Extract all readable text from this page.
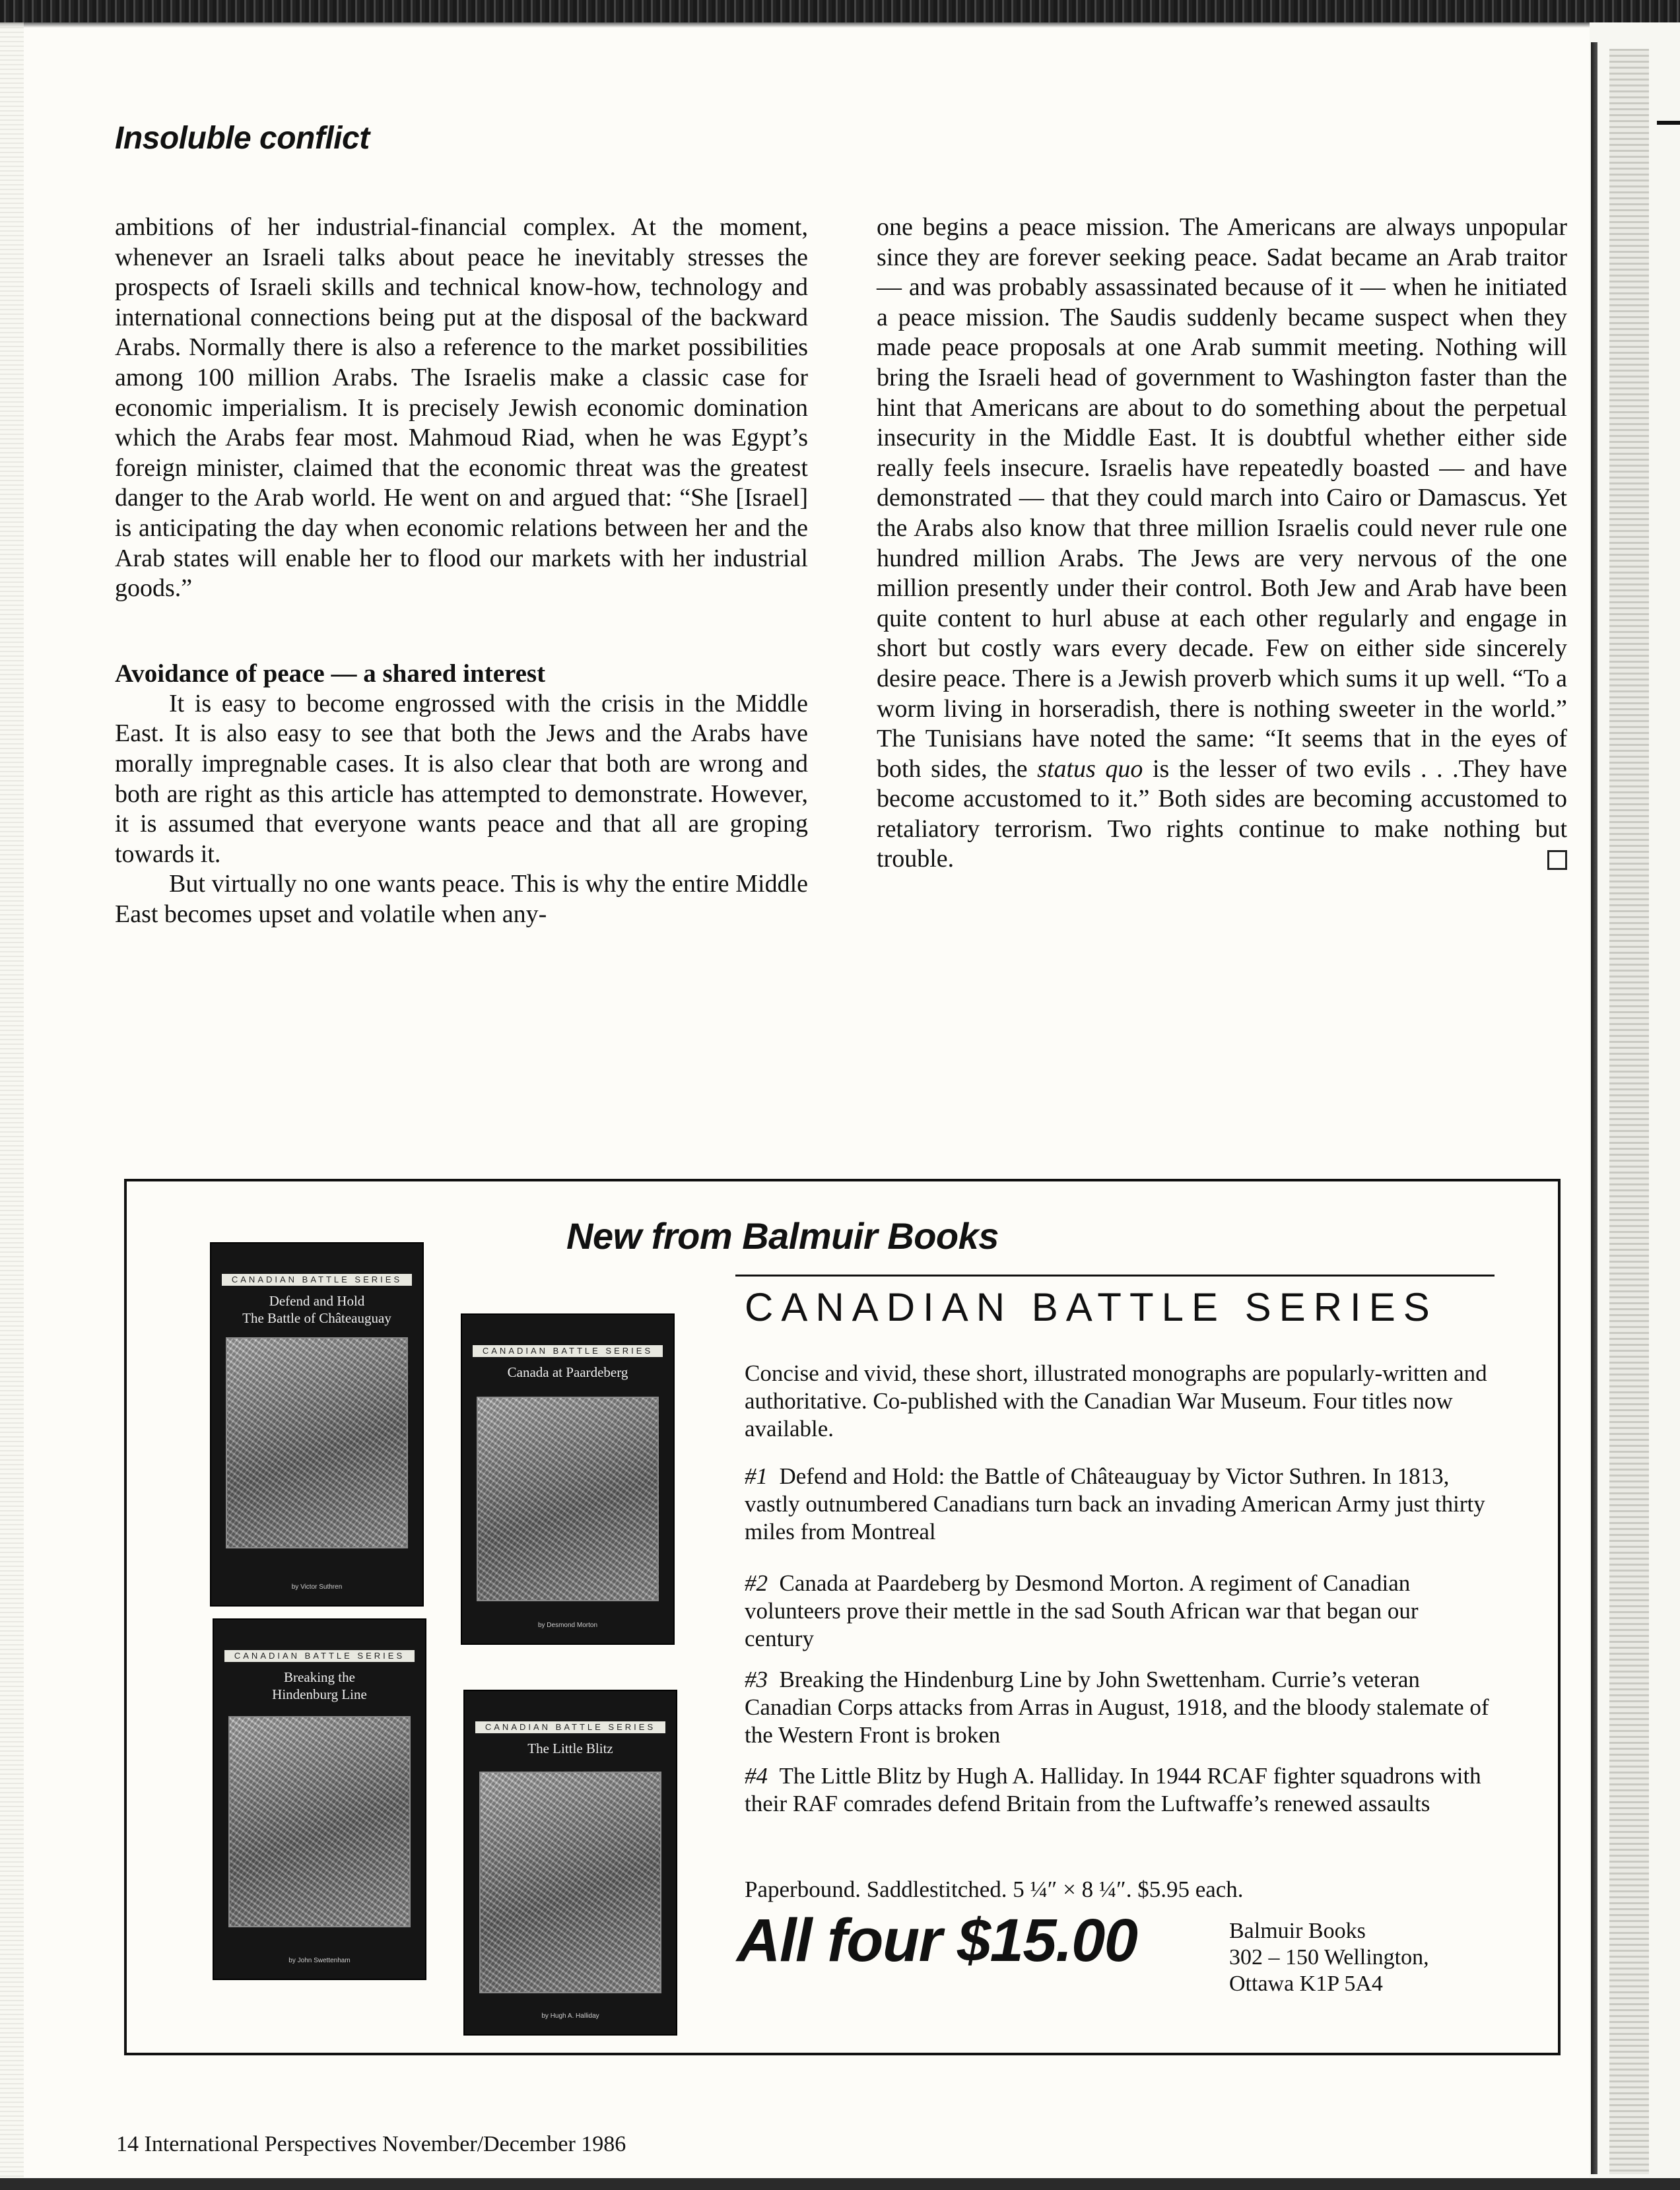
Insoluble conflict

ambitions of her industrial-financial complex. At the moment, whenever an Israeli talks about peace he inevitably stresses the prospects of Israeli skills and technical know-how, technology and international connections being put at the disposal of the backward Arabs. Normally there is also a reference to the market possibilities among 100 million Arabs. The Israelis make a classic case for economic imperialism. It is precisely Jewish economic domination which the Arabs fear most. Mahmoud Riad, when he was Egypt’s foreign minister, claimed that the economic threat was the greatest danger to the Arab world. He went on and argued that: “She [Israel] is anticipating the day when economic relations between her and the Arab states will enable her to flood our markets with her industrial goods.”

Avoidance of peace — a shared interest

It is easy to become engrossed with the crisis in the Middle East. It is also easy to see that both the Jews and the Arabs have morally impregnable cases. It is also clear that both are wrong and both are right as this article has attempted to demonstrate. However, it is assumed that everyone wants peace and that all are groping towards it.

But virtually no one wants peace. This is why the entire Middle East becomes upset and volatile when any-

one begins a peace mission. The Americans are always unpopular since they are forever seeking peace. Sadat became an Arab traitor — and was probably assassinated because of it — when he initiated a peace mission. The Saudis suddenly became suspect when they made peace proposals at one Arab summit meeting. Nothing will bring the Israeli head of government to Washington faster than the hint that Americans are about to do something about the perpetual insecurity in the Middle East. It is doubtful whether either side really feels insecure. Israelis have repeatedly boasted — and have demonstrated — that they could march into Cairo or Damascus. Yet the Arabs also know that three million Israelis could never rule one hundred million Arabs. The Jews are very nervous of the one million presently under their control. Both Jew and Arab have been quite content to hurl abuse at each other regularly and engage in short but costly wars every decade. Few on either side sincerely desire peace. There is a Jewish proverb which sums it up well. “To a worm living in horseradish, there is nothing sweeter in the world.” The Tunisians have noted the same: “It seems that in the eyes of both sides, the status quo is the lesser of two evils . . .They have become accustomed to it.” Both sides are becoming accustomed to retaliatory terrorism. Two rights continue to make nothing but trouble.

CANADIAN BATTLE SERIES
Defend and Hold
The Battle of Châteauguay
by Victor Suthren
CANADIAN BATTLE SERIES
Canada at Paardeberg
by Desmond Morton
CANADIAN BATTLE SERIES
Breaking the
Hindenburg Line
by John Swettenham
CANADIAN BATTLE SERIES
The Little Blitz
by Hugh A. Halliday
New from Balmuir Books
CANADIAN BATTLE SERIES
Concise and vivid, these short, illustrated monographs are popularly-written and authoritative. Co-published with the Canadian War Museum. Four titles now available.
#1 Defend and Hold: the Battle of Châteauguay by Victor Suthren. In 1813, vastly outnumbered Canadians turn back an invading American Army just thirty miles from Montreal
#2 Canada at Paardeberg by Desmond Morton. A regiment of Canadian volunteers prove their mettle in the sad South African war that began our century
#3 Breaking the Hindenburg Line by John Swettenham. Currie’s veteran Canadian Corps attacks from Arras in August, 1918, and the bloody stalemate of the Western Front is broken
#4 The Little Blitz by Hugh A. Halliday. In 1944 RCAF fighter squadrons with their RAF comrades defend Britain from the Luftwaffe’s renewed assaults
Paperbound. Saddlestitched. 5 ¼″ × 8 ¼″. $5.95 each.
All four $15.00	Balmuir Books
302 – 150 Wellington,
Ottawa K1P 5A4
14 International Perspectives November/December 1986
